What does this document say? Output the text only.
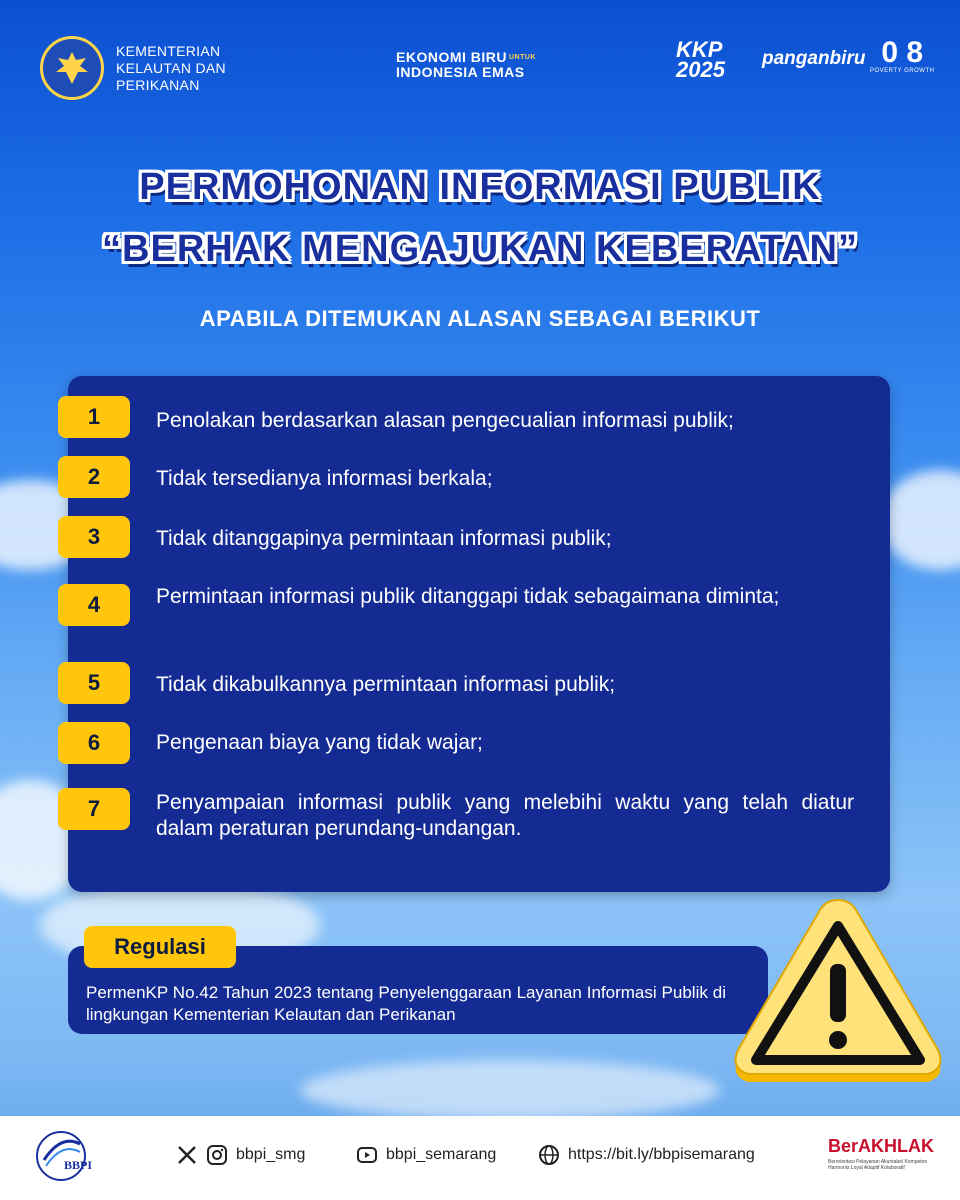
KEMENTERIAN
KELAUTAN DAN
PERIKANAN
EKONOMI BIRU $^{UNTUK}$
INDONESIA EMAS
KKP
2025 panganbiru 0 8
POVERTY GROWTH
PERMOHONAN INFORMASI PUBLIK
“BERHAK MENGAJUKAN KEBERATAN”
APABILA DITEMUKAN ALASAN SEBAGAI BERIKUT
1	Penolakan berdasarkan alasan pengecualian informasi publik;
2	Tidak tersedianya informasi berkala;
3	Tidak ditanggapinya permintaan informasi publik;
4	Permintaan informasi publik ditanggapi tidak sebagaimana diminta;
5	Tidak dikabulkannya permintaan informasi publik;
6	Pengenaan biaya yang tidak wajar;
7	Penyampaian informasi publik yang melebihi waktu yang telah diatur dalam peraturan perundang-undangan.
Regulasi
PermenKP No.42 Tahun 2023 tentang Penyelenggaraan Layanan Informasi Publik di lingkungan Kementerian Kelautan dan Perikanan
BBPI
bbpi_smg	bbpi_semarang	https://bit.ly/bbpisemarang	BerAKHLAK
Berorientasi Pelayanan Akuntabel Kompeten Harmonis Loyal Adaptif Kolaboratif
